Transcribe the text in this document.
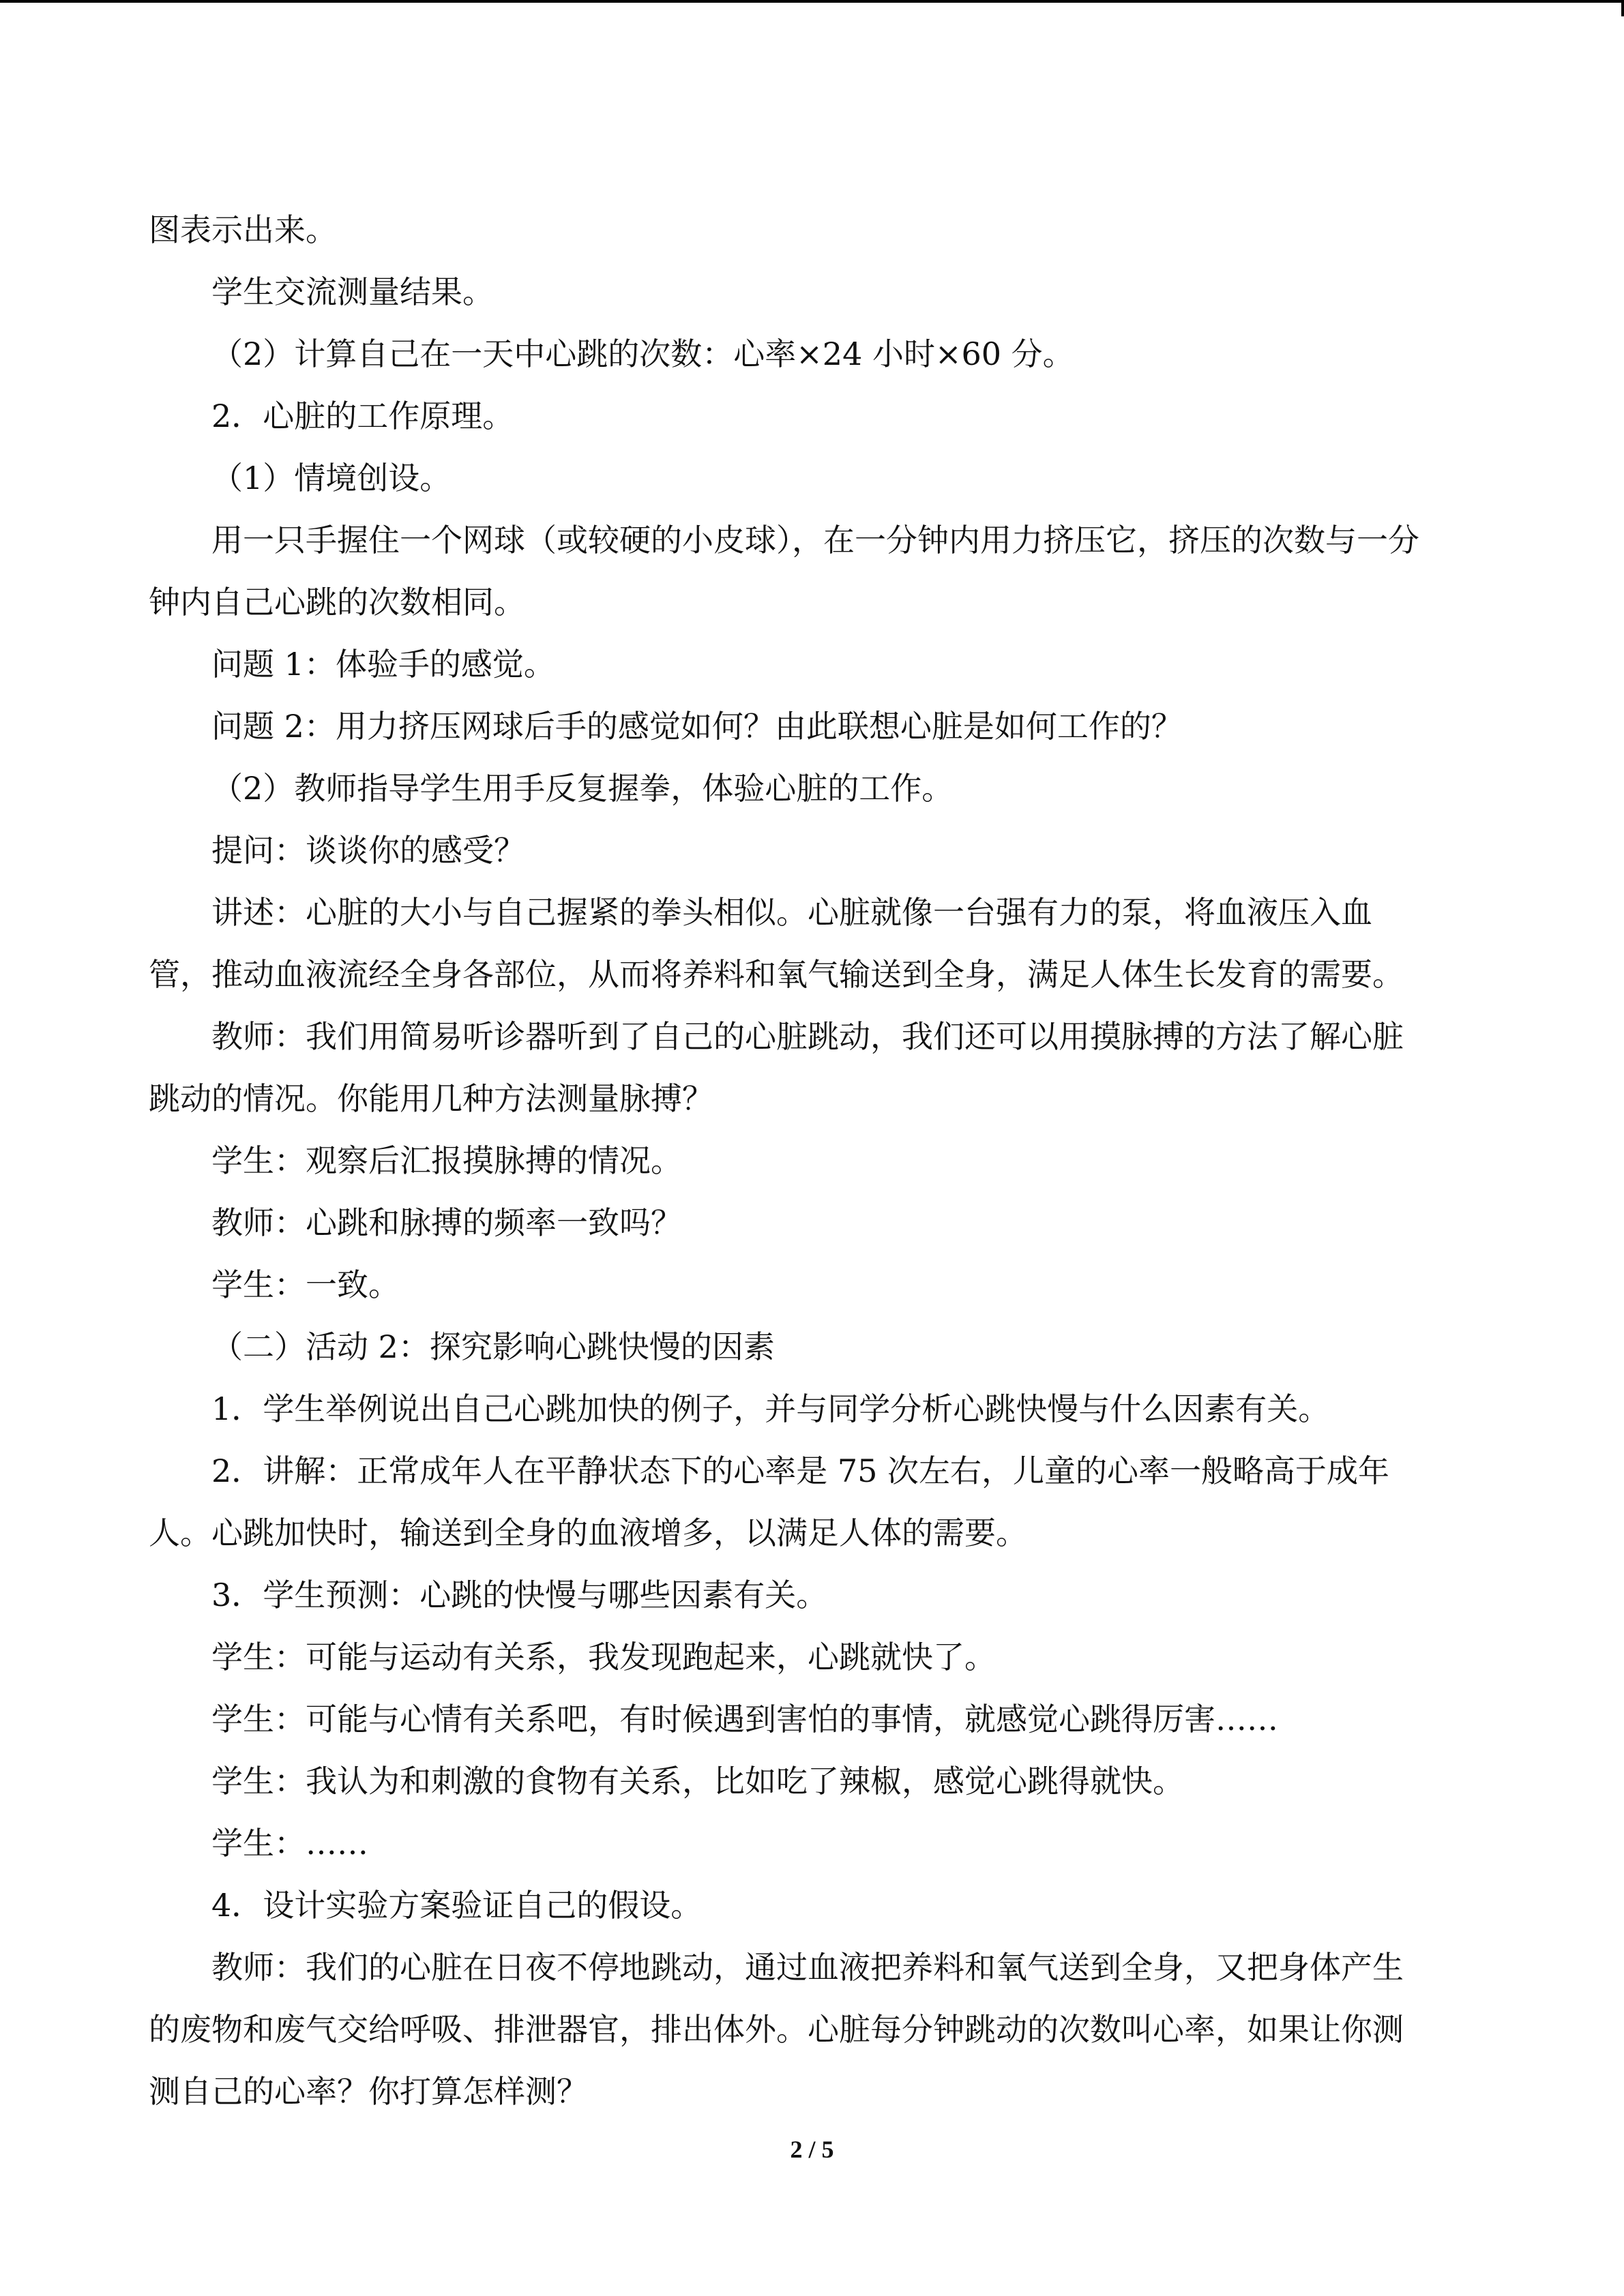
图表示出来。
学生交流测量结果。
（2）计算自己在一天中心跳的次数：心率×24 小时×60 分。
2．心脏的工作原理。
（1）情境创设。
用一只手握住一个网球（或较硬的小皮球），在一分钟内用力挤压它，挤压的次数与一分
钟内自己心跳的次数相同。
问题 1：体验手的感觉。
问题 2：用力挤压网球后手的感觉如何？由此联想心脏是如何工作的？
（2）教师指导学生用手反复握拳，体验心脏的工作。
提问：谈谈你的感受？
讲述：心脏的大小与自己握紧的拳头相似。心脏就像一台强有力的泵，将血液压入血
管，推动血液流经全身各部位，从而将养料和氧气输送到全身，满足人体生长发育的需要。
教师：我们用简易听诊器听到了自己的心脏跳动，我们还可以用摸脉搏的方法了解心脏
跳动的情况。你能用几种方法测量脉搏？
学生：观察后汇报摸脉搏的情况。
教师：心跳和脉搏的频率一致吗？
学生：一致。
（二）活动 2：探究影响心跳快慢的因素
1．学生举例说出自己心跳加快的例子，并与同学分析心跳快慢与什么因素有关。
2．讲解：正常成年人在平静状态下的心率是 75 次左右，儿童的心率一般略高于成年
人。心跳加快时，输送到全身的血液增多，以满足人体的需要。
3．学生预测：心跳的快慢与哪些因素有关。
学生：可能与运动有关系，我发现跑起来，心跳就快了。
学生：可能与心情有关系吧，有时候遇到害怕的事情，就感觉心跳得厉害……
学生：我认为和刺激的食物有关系，比如吃了辣椒，感觉心跳得就快。
学生：……
4．设计实验方案验证自己的假设。
教师：我们的心脏在日夜不停地跳动，通过血液把养料和氧气送到全身，又把身体产生
的废物和废气交给呼吸、排泄器官，排出体外。心脏每分钟跳动的次数叫心率，如果让你测
测自己的心率？你打算怎样测？
2 / 5
